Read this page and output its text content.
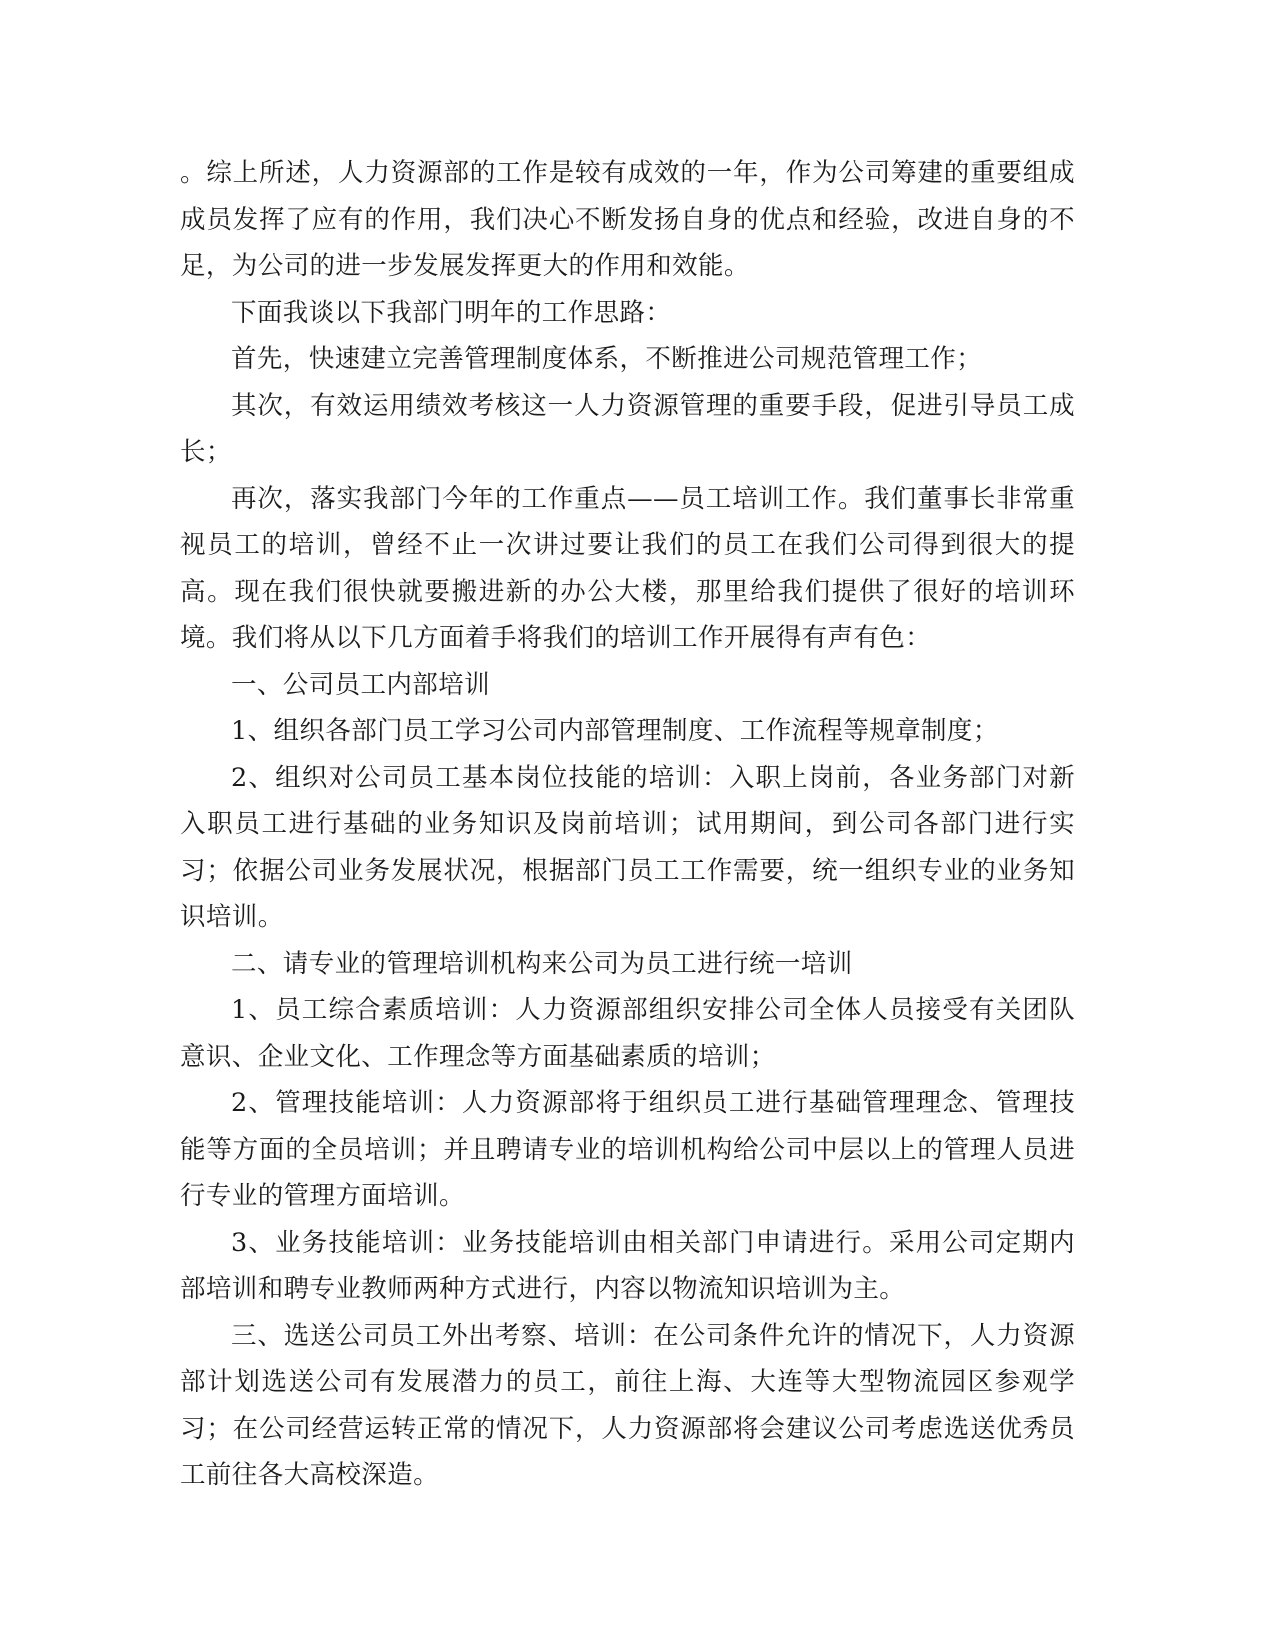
。综上所述，人力资源部的工作是较有成效的一年，作为公司筹建的重要组成成员发挥了应有的作用，我们决心不断发扬自身的优点和经验，改进自身的不足，为公司的进一步发展发挥更大的作用和效能。

下面我谈以下我部门明年的工作思路：

首先，快速建立完善管理制度体系，不断推进公司规范管理工作；

其次，有效运用绩效考核这一人力资源管理的重要手段，促进引导员工成长；

再次，落实我部门今年的工作重点——员工培训工作。我们董事长非常重视员工的培训，曾经不止一次讲过要让我们的员工在我们公司得到很大的提高。现在我们很快就要搬进新的办公大楼，那里给我们提供了很好的培训环境。我们将从以下几方面着手将我们的培训工作开展得有声有色：

一、公司员工内部培训

1、组织各部门员工学习公司内部管理制度、工作流程等规章制度；

2、组织对公司员工基本岗位技能的培训：入职上岗前，各业务部门对新入职员工进行基础的业务知识及岗前培训；试用期间，到公司各部门进行实习；依据公司业务发展状况，根据部门员工工作需要，统一组织专业的业务知识培训。

二、请专业的管理培训机构来公司为员工进行统一培训

1、员工综合素质培训：人力资源部组织安排公司全体人员接受有关团队意识、企业文化、工作理念等方面基础素质的培训；

2、管理技能培训：人力资源部将于组织员工进行基础管理理念、管理技能等方面的全员培训；并且聘请专业的培训机构给公司中层以上的管理人员进行专业的管理方面培训。

3、业务技能培训：业务技能培训由相关部门申请进行。采用公司定期内部培训和聘专业教师两种方式进行，内容以物流知识培训为主。

三、选送公司员工外出考察、培训：在公司条件允许的情况下，人力资源部计划选送公司有发展潜力的员工，前往上海、大连等大型物流园区参观学习；在公司经营运转正常的情况下，人力资源部将会建议公司考虑选送优秀员工前往各大高校深造。
